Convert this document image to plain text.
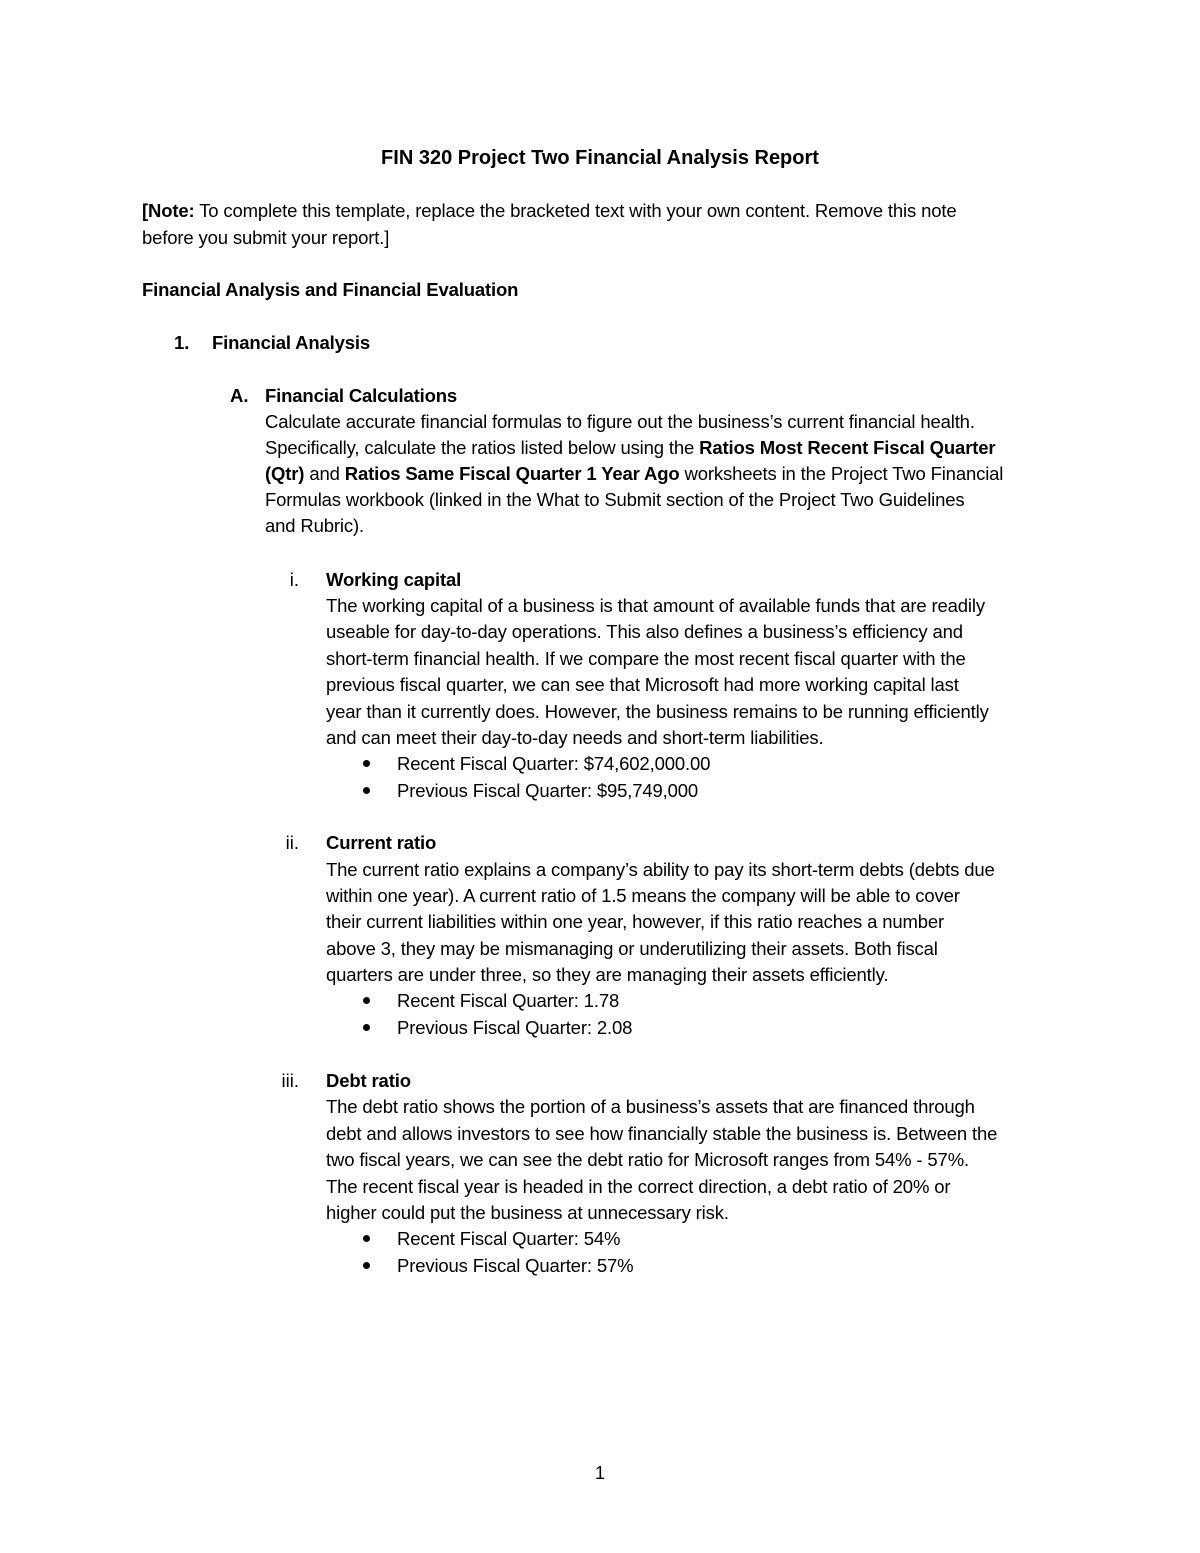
FIN 320 Project Two Financial Analysis Report
[Note: To complete this template, replace the bracketed text with your own content. Remove this note
before you submit your report.]
Financial Analysis and Financial Evaluation
1. Financial Analysis
A. Financial Calculations
Calculate accurate financial formulas to figure out the business’s current financial health.
Specifically, calculate the ratios listed below using the Ratios Most Recent Fiscal Quarter
(Qtr) and Ratios Same Fiscal Quarter 1 Year Ago worksheets in the Project Two Financial
Formulas workbook (linked in the What to Submit section of the Project Two Guidelines
and Rubric).
i. Working capital
The working capital of a business is that amount of available funds that are readily
useable for day-to-day operations. This also defines a business’s efficiency and
short-term financial health. If we compare the most recent fiscal quarter with the
previous fiscal quarter, we can see that Microsoft had more working capital last
year than it currently does. However, the business remains to be running efficiently
and can meet their day-to-day needs and short-term liabilities.
Recent Fiscal Quarter: $74,602,000.00
Previous Fiscal Quarter: $95,749,000
ii. Current ratio
The current ratio explains a company’s ability to pay its short-term debts (debts due
within one year). A current ratio of 1.5 means the company will be able to cover
their current liabilities within one year, however, if this ratio reaches a number
above 3, they may be mismanaging or underutilizing their assets. Both fiscal
quarters are under three, so they are managing their assets efficiently.
Recent Fiscal Quarter: 1.78
Previous Fiscal Quarter: 2.08
iii. Debt ratio
The debt ratio shows the portion of a business’s assets that are financed through
debt and allows investors to see how financially stable the business is. Between the
two fiscal years, we can see the debt ratio for Microsoft ranges from 54% - 57%.
The recent fiscal year is headed in the correct direction, a debt ratio of 20% or
higher could put the business at unnecessary risk.
Recent Fiscal Quarter: 54%
Previous Fiscal Quarter: 57%
1
